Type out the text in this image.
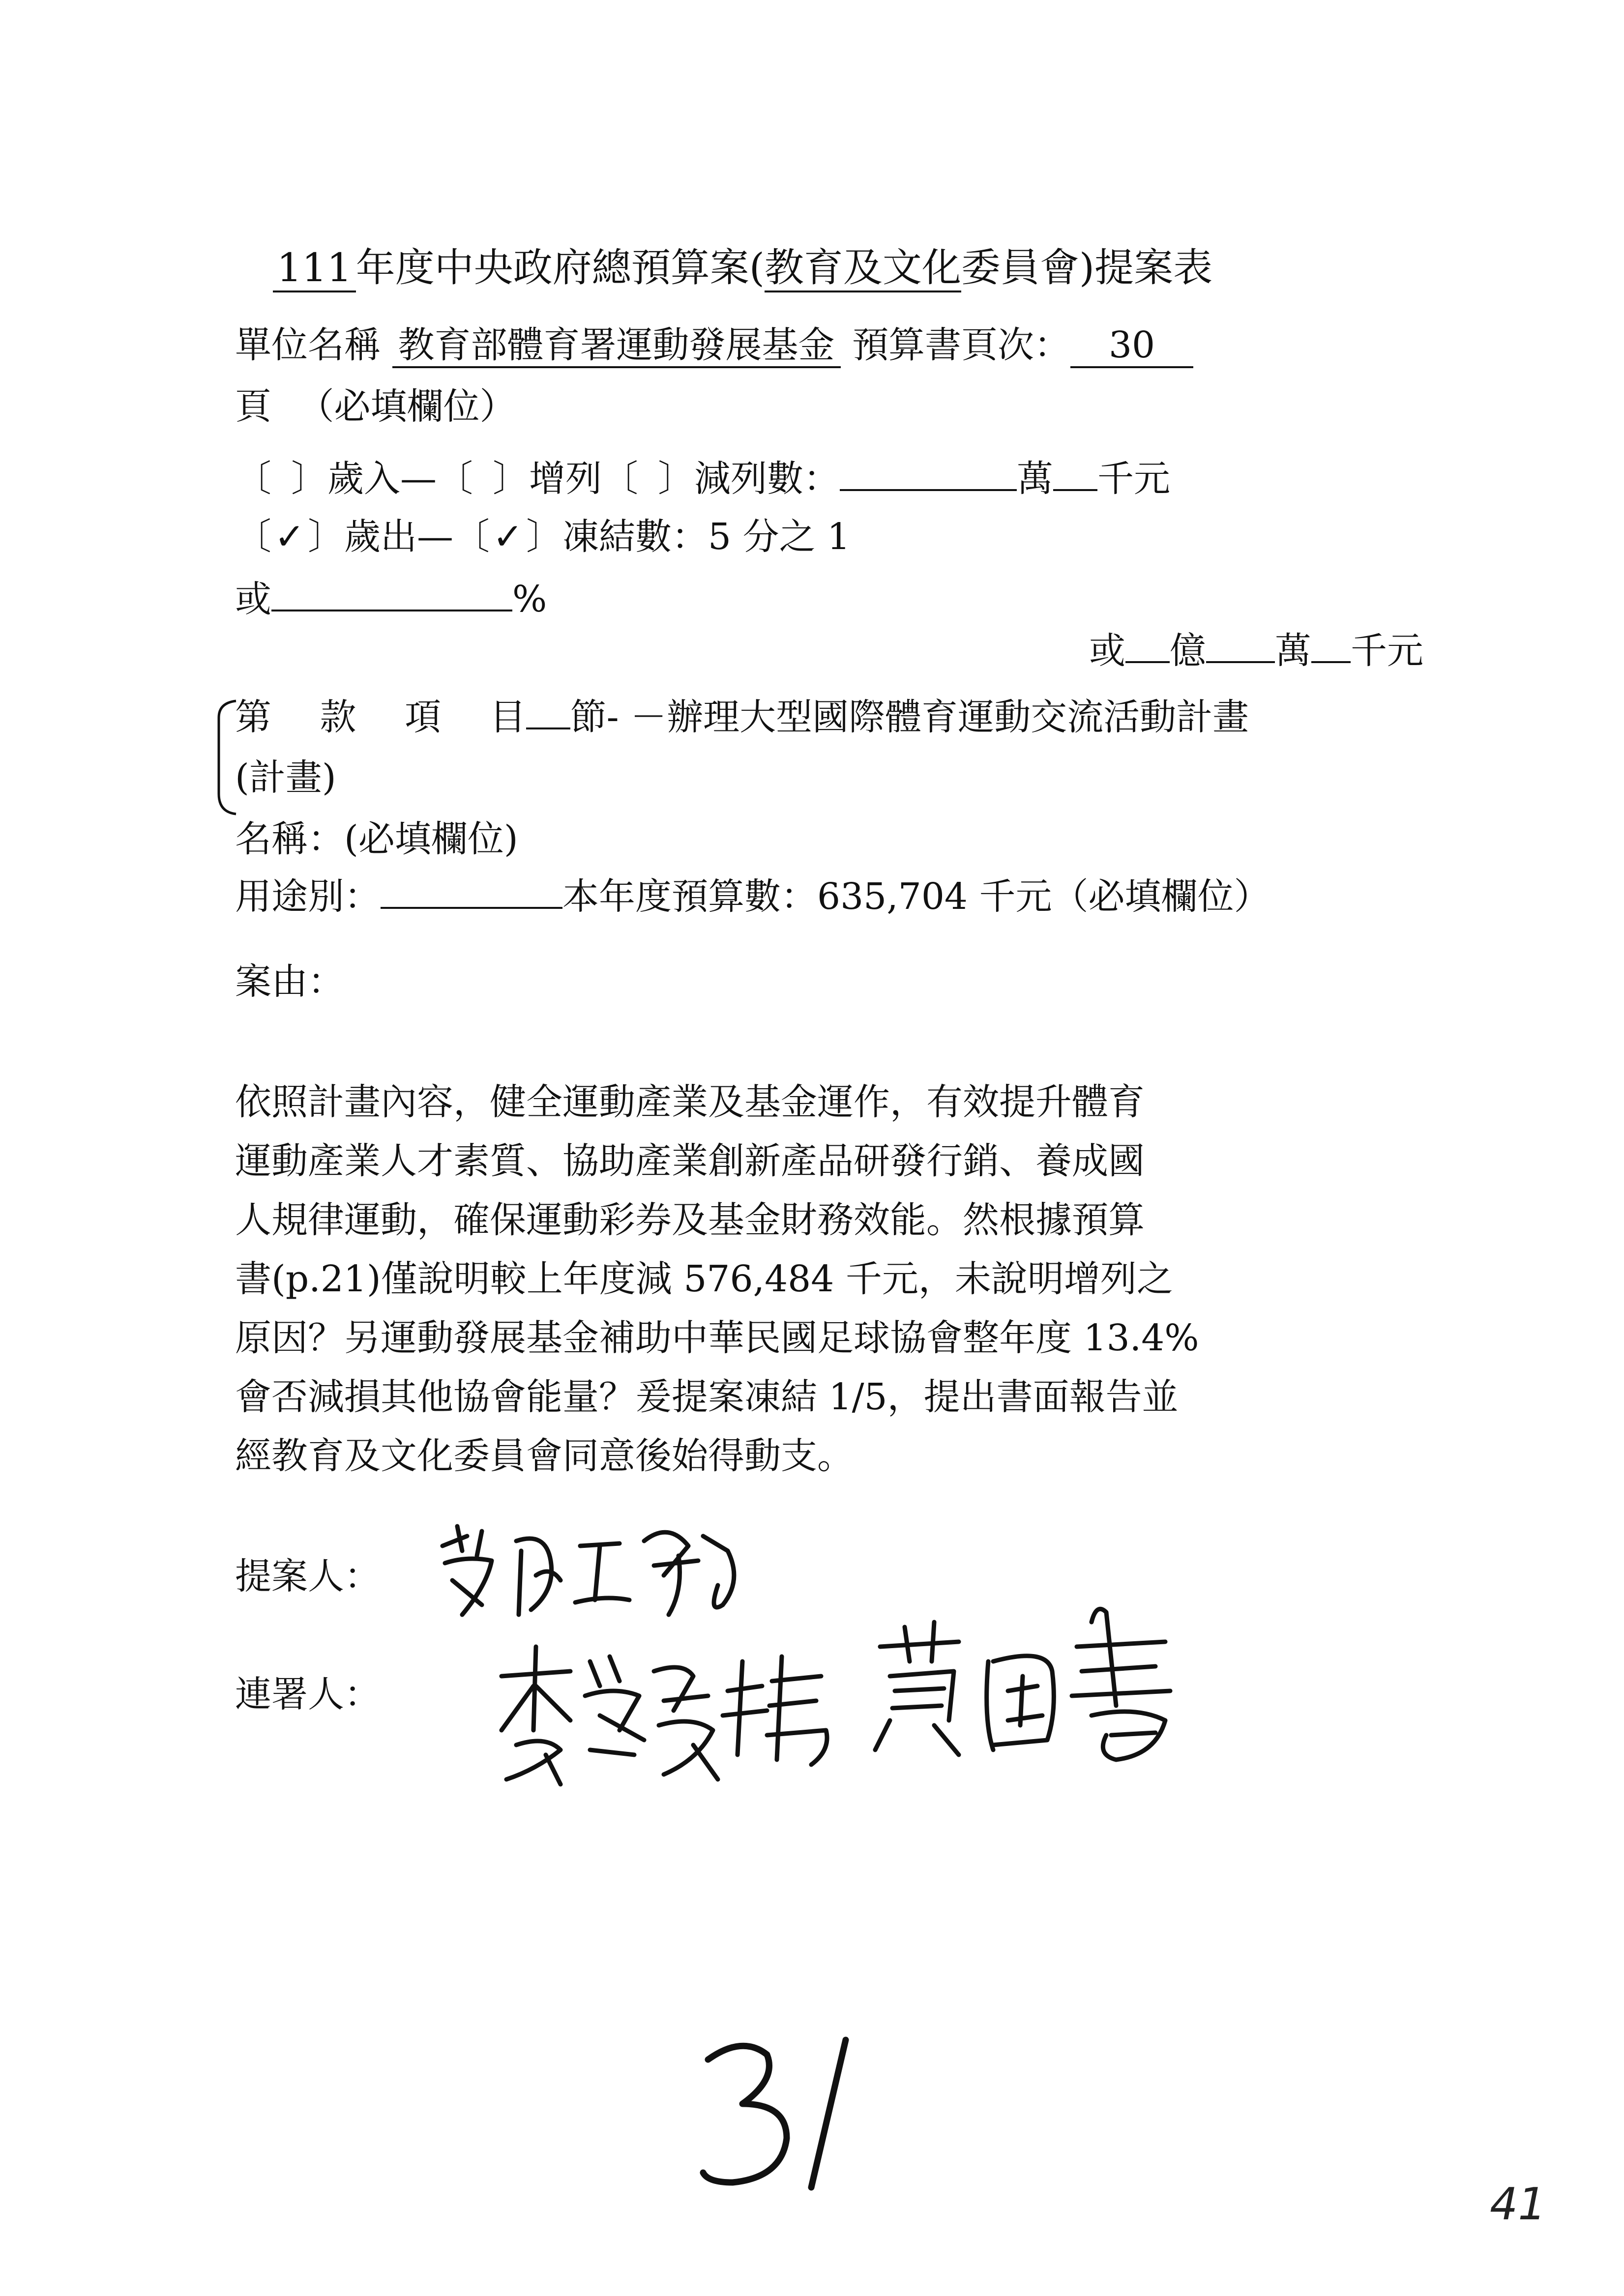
111 年度中央政府總預算案(教育及文化委員會)提案表
單位名稱 教育部體育署運動發展基金 預算書頁次： 30
頁 （必填欄位）
〔 〕歲入—〔 〕增列〔 〕減列數：	萬 千元
〔✓〕歲出—〔✓〕凍結數：5 分之 1
或	%
或 億 萬 千元
第 款 項 目 節- －辦理大型國際體育運動交流活動計畫
(計畫)
名稱：(必填欄位)
用途別：	本年度預算數：635,704 千元（必填欄位）
案由：
依照計畫內容，健全運動產業及基金運作，有效提升體育
運動產業人才素質、協助產業創新產品研發行銷、養成國
人規律運動，確保運動彩券及基金財務效能。然根據預算
書(p.21)僅說明較上年度減 576,484 千元，未說明增列之
原因？另運動發展基金補助中華民國足球協會整年度 13.4%
會否減損其他協會能量？爰提案凍結 1/5，提出書面報告並
經教育及文化委員會同意後始得動支。
提案人：
連署人：
41
